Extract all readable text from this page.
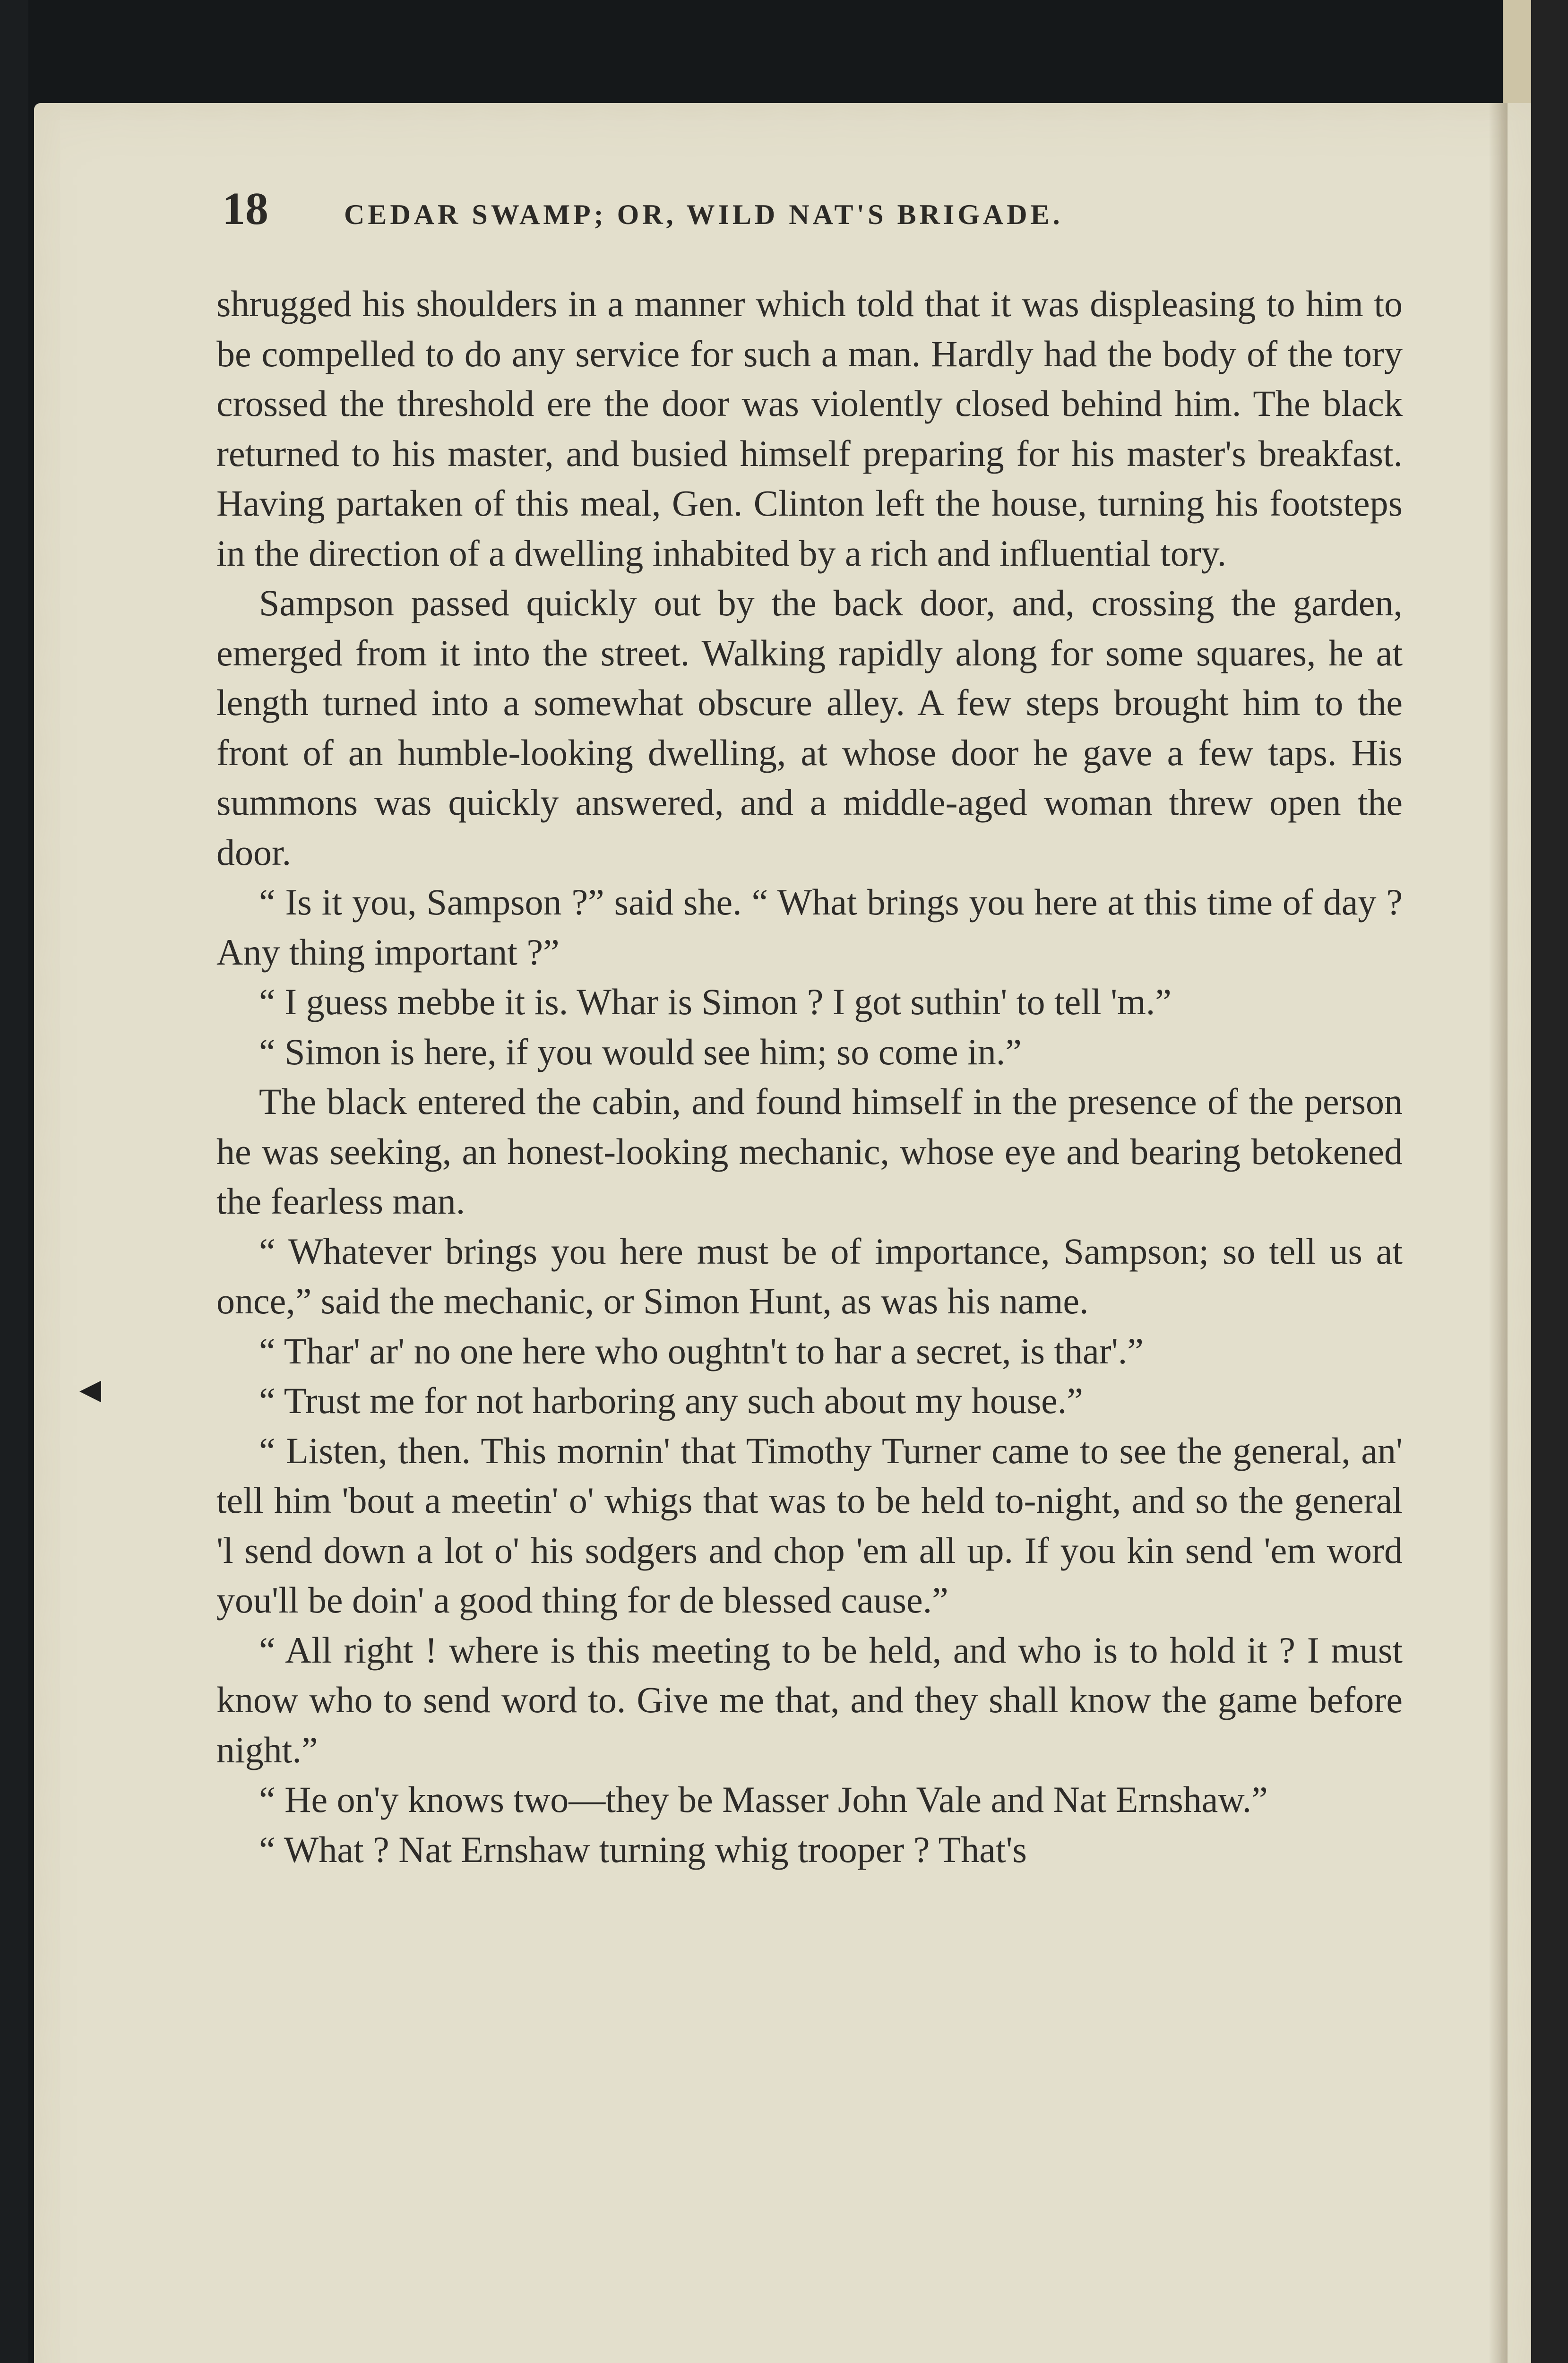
18	CEDAR SWAMP; OR, WILD NAT'S BRIGADE.

shrugged his shoulders in a manner which told that it was displeasing to him to be compelled to do any service for such a man. Hardly had the body of the tory crossed the threshold ere the door was violently closed behind him. The black returned to his master, and busied himself preparing for his master's breakfast. Having partaken of this meal, Gen. Clinton left the house, turning his footsteps in the direction of a dwelling inhabited by a rich and influential tory.

Sampson passed quickly out by the back door, and, crossing the garden, emerged from it into the street. Walking rapidly along for some squares, he at length turned into a somewhat obscure alley. A few steps brought him to the front of an humble-looking dwelling, at whose door he gave a few taps. His summons was quickly answered, and a middle-aged woman threw open the door.

“ Is it you, Sampson ?” said she. “ What brings you here at this time of day ? Any thing important ?”

“ I guess mebbe it is. Whar is Simon ? I got suthin' to tell 'm.”

“ Simon is here, if you would see him; so come in.”

The black entered the cabin, and found himself in the presence of the person he was seeking, an honest-looking mechanic, whose eye and bearing betokened the fearless man.

“ Whatever brings you here must be of importance, Sampson; so tell us at once,” said the mechanic, or Simon Hunt, as was his name.

“ Thar' ar' no one here who oughtn't to har a secret, is thar'.”

“ Trust me for not harboring any such about my house.”

“ Listen, then. This mornin' that Timothy Turner came to see the general, an' tell him 'bout a meetin' o' whigs that was to be held to-night, and so the general 'l send down a lot o' his sodgers and chop 'em all up. If you kin send 'em word you'll be doin' a good thing for de blessed cause.”

“ All right ! where is this meeting to be held, and who is to hold it ? I must know who to send word to. Give me that, and they shall know the game before night.”

“ He on'y knows two—they be Masser John Vale and Nat Ernshaw.”

“ What ? Nat Ernshaw turning whig trooper ? That's

◀
